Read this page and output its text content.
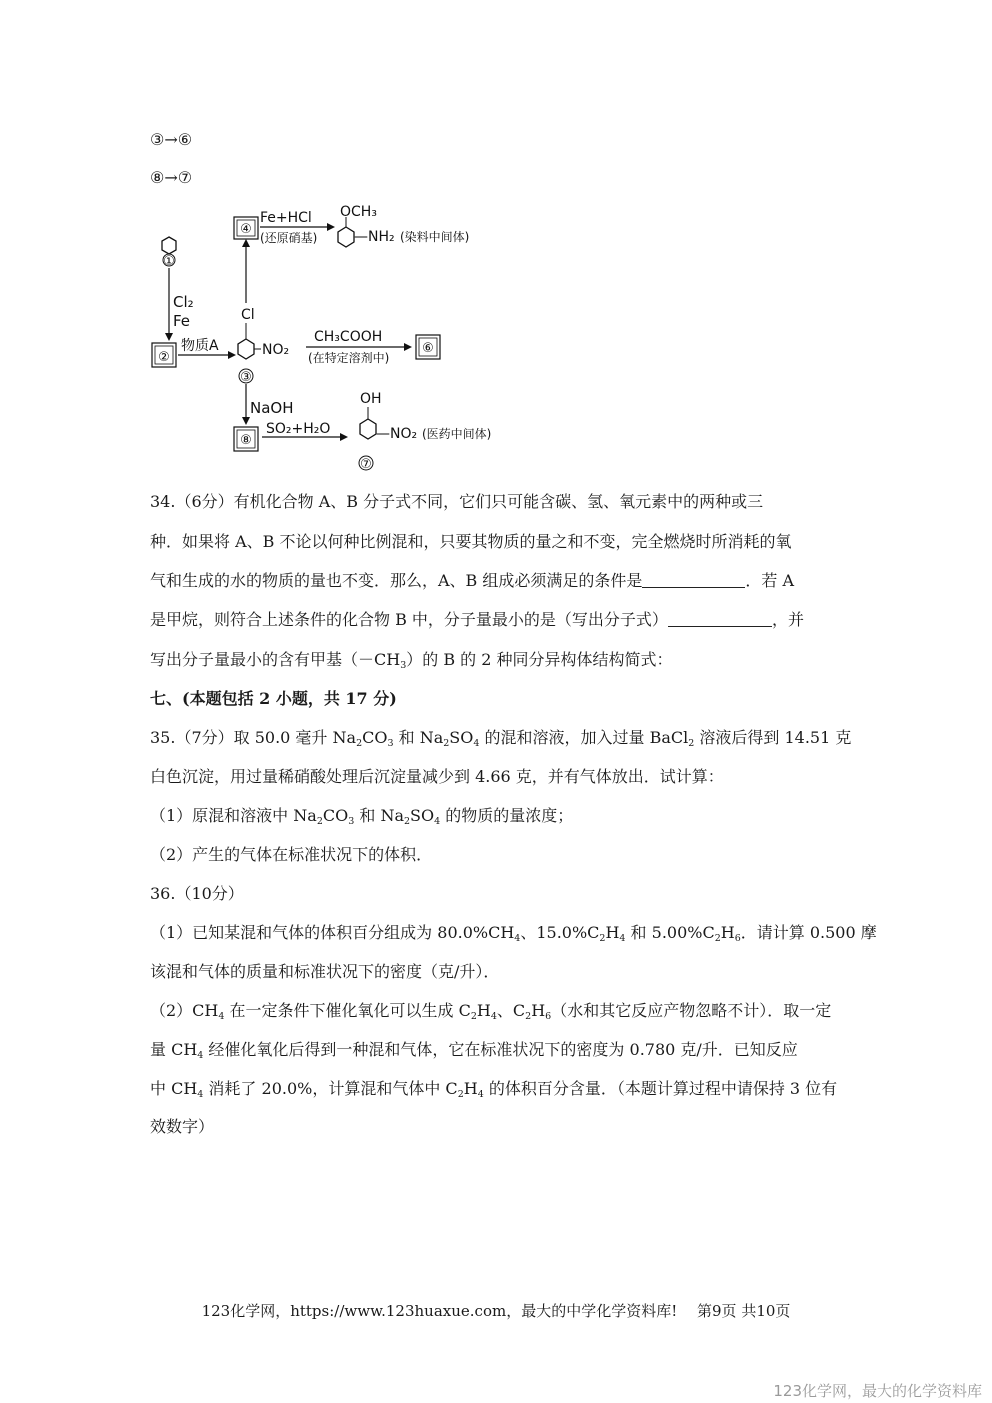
③→⑥
⑧→⑦
①
Cl₂
Fe
②
物质A
Cl
NO₂
③
④
Fe+HCl
(还原硝基)
OCH₃
—NH₂ (染料中间体)
CH₃COOH
(在特定溶剂中)
⑥
NaOH
⑧
SO₂+H₂O
OH
—NO₂ (医药中间体)
⑦
34.（6分）有机化合物 A、B 分子式不同，它们只可能含碳、氢、氧元素中的两种或三
种．如果将 A、B 不论以何种比例混和，只要其物质的量之和不变，完全燃烧时所消耗的氧
气和生成的水的物质的量也不变．那么，A、B 组成必须满足的条件是	．若 A
是甲烷，则符合上述条件的化合物 B 中，分子量最小的是（写出分子式）	，并
写出分子量最小的含有甲基（－CH3）的 B 的 2 种同分异构体结构简式：
七、(本题包括 2 小题，共 17 分)
35.（7分）取 50.0 毫升 Na2CO3 和 Na2SO4 的混和溶液，加入过量 BaCl2 溶液后得到 14.51 克
白色沉淀，用过量稀硝酸处理后沉淀量减少到 4.66 克，并有气体放出．试计算：
（1）原混和溶液中 Na2CO3 和 Na2SO4 的物质的量浓度；
（2）产生的气体在标准状况下的体积．
36.（10分）
（1）已知某混和气体的体积百分组成为 80.0%CH4、15.0%C2H4 和 5.00%C2H6．请计算 0.500 摩
该混和气体的质量和标准状况下的密度（克/升）．
（2）CH4 在一定条件下催化氧化可以生成 C2H4、C2H6（水和其它反应产物忽略不计）．取一定
量 CH4 经催化氧化后得到一种混和气体，它在标准状况下的密度为 0.780 克/升．已知反应
中 CH4 消耗了 20.0%，计算混和气体中 C2H4 的体积百分含量．（本题计算过程中请保持 3 位有
效数字）
123化学网，https://www.123huaxue.com，最大的中学化学资料库!　 第9页 共10页
123化学网，最大的化学资料库
